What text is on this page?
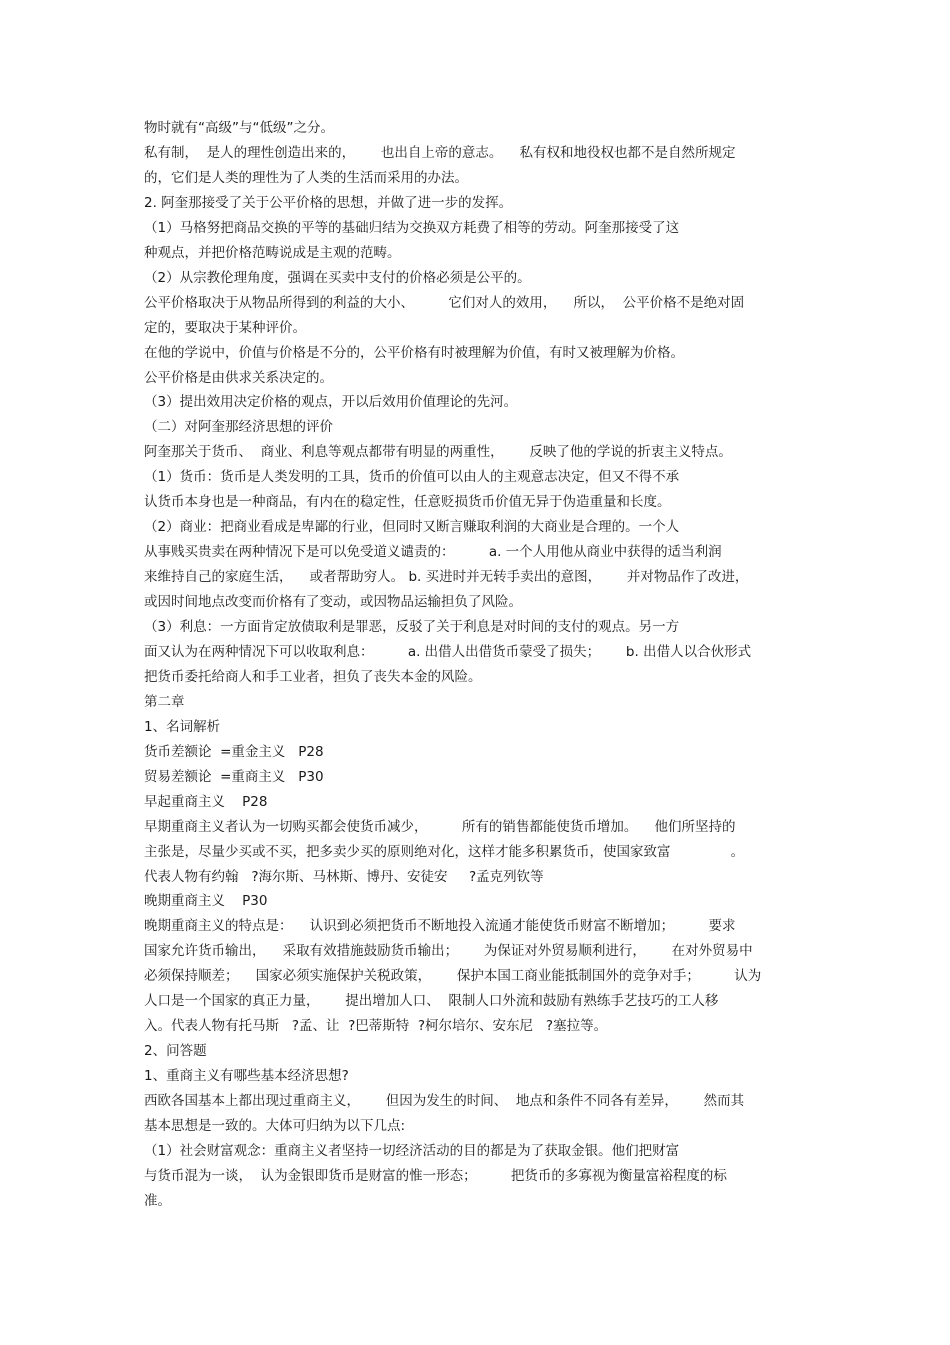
物时就有“高级”与“低级”之分。
私有制，  是人的理性创造出来的，      也出自上帝的意志。    私有权和地役权也都不是自然所规定
的，它们是人类的理性为了人类的生活而采用的办法。
2. 阿奎那接受了关于公平价格的思想，并做了进一步的发挥。
（1）马格努把商品交换的平等的基础归结为交换双方耗费了相等的劳动。阿奎那接受了这
种观点，并把价格范畴说成是主观的范畴。
（2）从宗教伦理角度，强调在买卖中支付的价格必须是公平的。
公平价格取决于从物品所得到的利益的大小、        它们对人的效用，    所以，  公平价格不是绝对固
定的，要取决于某种评价。
在他的学说中，价值与价格是不分的，公平价格有时被理解为价值，有时又被理解为价格。
公平价格是由供求关系决定的。
（3）提出效用决定价格的观点，开以后效用价值理论的先河。
（二）对阿奎那经济思想的评价
阿奎那关于货币、  商业、利息等观点都带有明显的两重性，      反映了他的学说的折衷主义特点。
（1）货币：货币是人类发明的工具，货币的价值可以由人的主观意志决定，但又不得不承
认货币本身也是一种商品，有内在的稳定性，任意贬损货币价值无异于伪造重量和长度。
（2）商业：把商业看成是卑鄙的行业，但同时又断言赚取利润的大商业是合理的。一个人
从事贱买贵卖在两种情况下是可以免受道义谴责的：        a. 一个人用他从商业中获得的适当利润
来维持自己的家庭生活，    或者帮助穷人。 b. 买进时并无转手卖出的意图，      并对物品作了改进，
或因时间地点改变而价格有了变动，或因物品运输担负了风险。
（3）利息：一方面肯定放债取利是罪恶，反驳了关于利息是对时间的支付的观点。另一方
面又认为在两种情况下可以收取利息：        a. 出借人出借货币蒙受了损失；      b. 出借人以合伙形式
把货币委托给商人和手工业者，担负了丧失本金的风险。
第二章
1、名词解析
货币差额论  =重金主义   P28
贸易差额论  =重商主义   P30
早起重商主义    P28
早期重商主义者认为一切购买都会使货币减少，        所有的销售都能使货币增加。    他们所坚持的
主张是，尽量少买或不买，把多卖少买的原则绝对化，这样才能多积累货币，使国家致富              。
代表人物有约翰   ?海尔斯、马林斯、博丹、安徒安     ?孟克列钦等
晚期重商主义    P30
晚期重商主义的特点是：    认识到必须把货币不断地投入流通才能使货币财富不断增加；        要求
国家允许货币输出，    采取有效措施鼓励货币输出；      为保证对外贸易顺利进行，      在对外贸易中
必须保持顺差；    国家必须实施保护关税政策，      保护本国工商业能抵制国外的竞争对手；        认为
人口是一个国家的真正力量，      提出增加人口、  限制人口外流和鼓励有熟练手艺技巧的工人移
入。代表人物有托马斯   ?孟、让  ?巴蒂斯特  ?柯尔培尔、安东尼   ?塞拉等。
2、问答题
1、重商主义有哪些基本经济思想?
西欧各国基本上都出现过重商主义，      但因为发生的时间、  地点和条件不同各有差异，      然而其
基本思想是一致的。大体可归纳为以下几点:
（1）社会财富观念：重商主义者坚持一切经济活动的目的都是为了获取金银。他们把财富
与货币混为一谈，  认为金银即货币是财富的惟一形态；        把货币的多寡视为衡量富裕程度的标
准。
